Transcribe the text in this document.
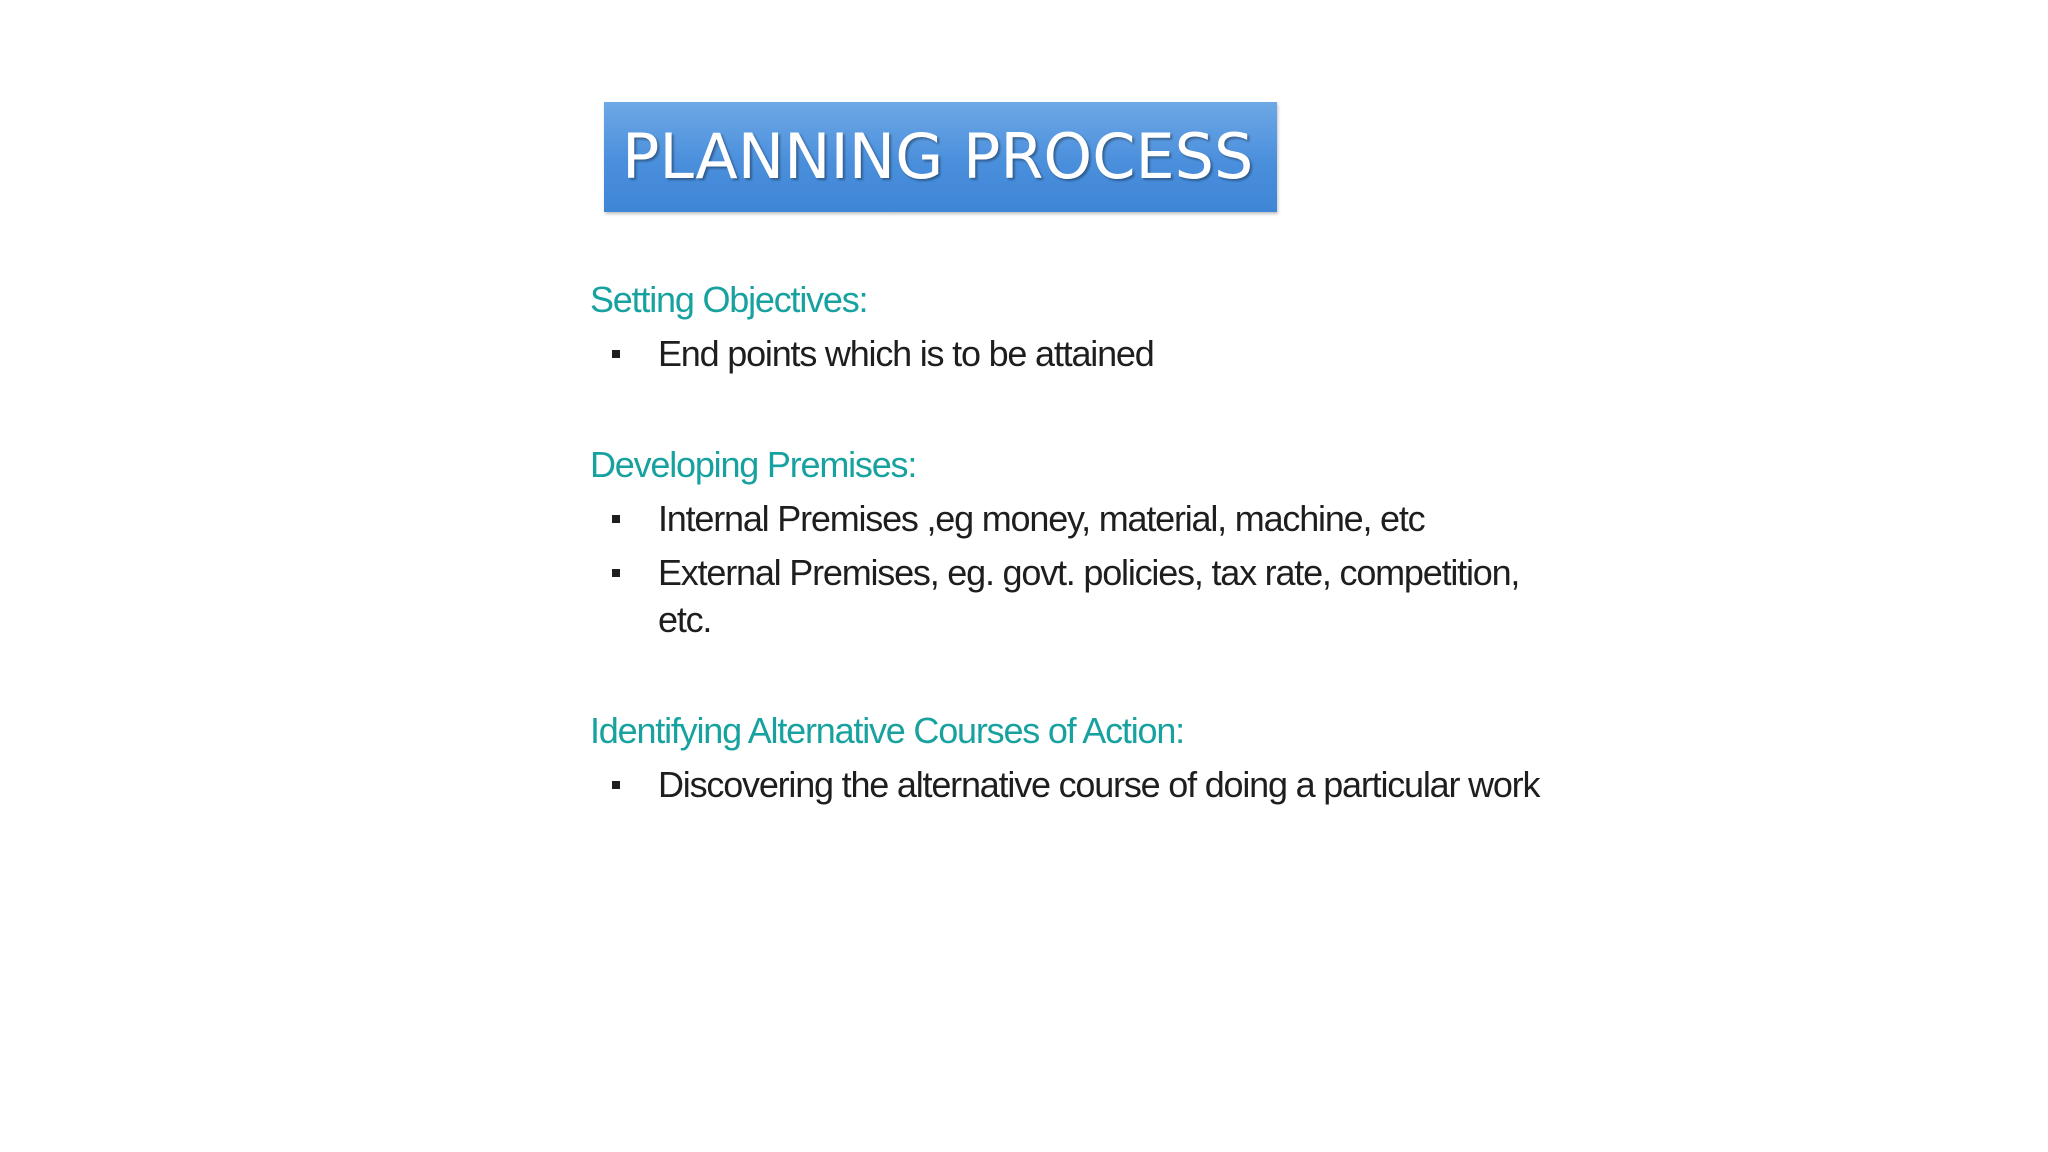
PLANNING PROCESS
Setting Objectives:
End points which is to be attained
Developing Premises:
Internal Premises ,eg money, material, machine, etc
External Premises, eg. govt. policies, tax rate, competition, etc.
Identifying Alternative Courses of Action:
Discovering the alternative course of doing a particular work
